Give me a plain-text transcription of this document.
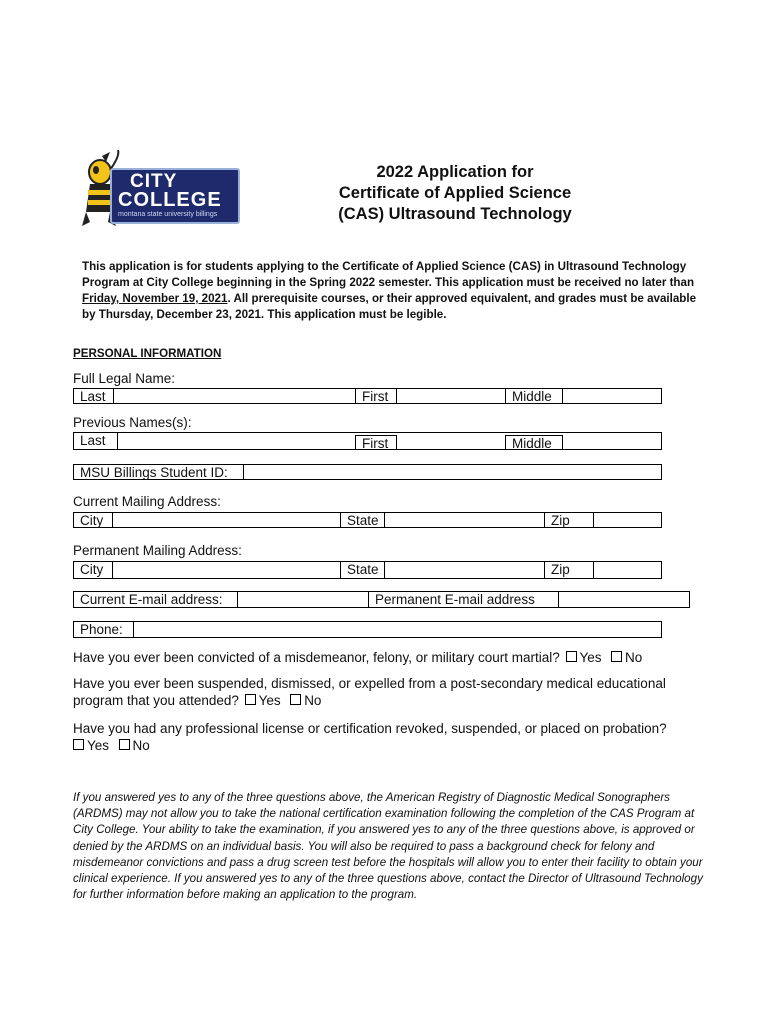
CITY
COLLEGE
montana state university billings
2022 Application for
Certificate of Applied Science
(CAS) Ultrasound Technology
This application is for students applying to the Certificate of Applied Science (CAS) in Ultrasound Technology Program at City College beginning in the Spring 2022 semester. This application must be received no later than Friday, November 19, 2021. All prerequisite courses, or their approved equivalent, and grades must be available by Thursday, December 23, 2021. This application must be legible.
PERSONAL INFORMATION
Full Legal Name:
Last	First	Middle
Previous Names(s):
Last	First	Middle
MSU Billings Student ID:
Current Mailing Address:
City	State	Zip
Permanent Mailing Address:
City	State	Zip
Current E-mail address:	Permanent E-mail address
Phone:
Have you ever been convicted of a misdemeanor, felony, or military court martial? Yes No
Have you ever been suspended, dismissed, or expelled from a post-secondary medical educational
program that you attended? Yes No
Have you had any professional license or certification revoked, suspended, or placed on probation?
Yes No
If you answered yes to any of the three questions above, the American Registry of Diagnostic Medical Sonographers (ARDMS) may not allow you to take the national certification examination following the completion of the CAS Program at City College. Your ability to take the examination, if you answered yes to any of the three questions above, is approved or denied by the ARDMS on an individual basis. You will also be required to pass a background check for felony and misdemeanor convictions and pass a drug screen test before the hospitals will allow you to enter their facility to obtain your clinical experience. If you answered yes to any of the three questions above, contact the Director of Ultrasound Technology for further information before making an application to the program.
